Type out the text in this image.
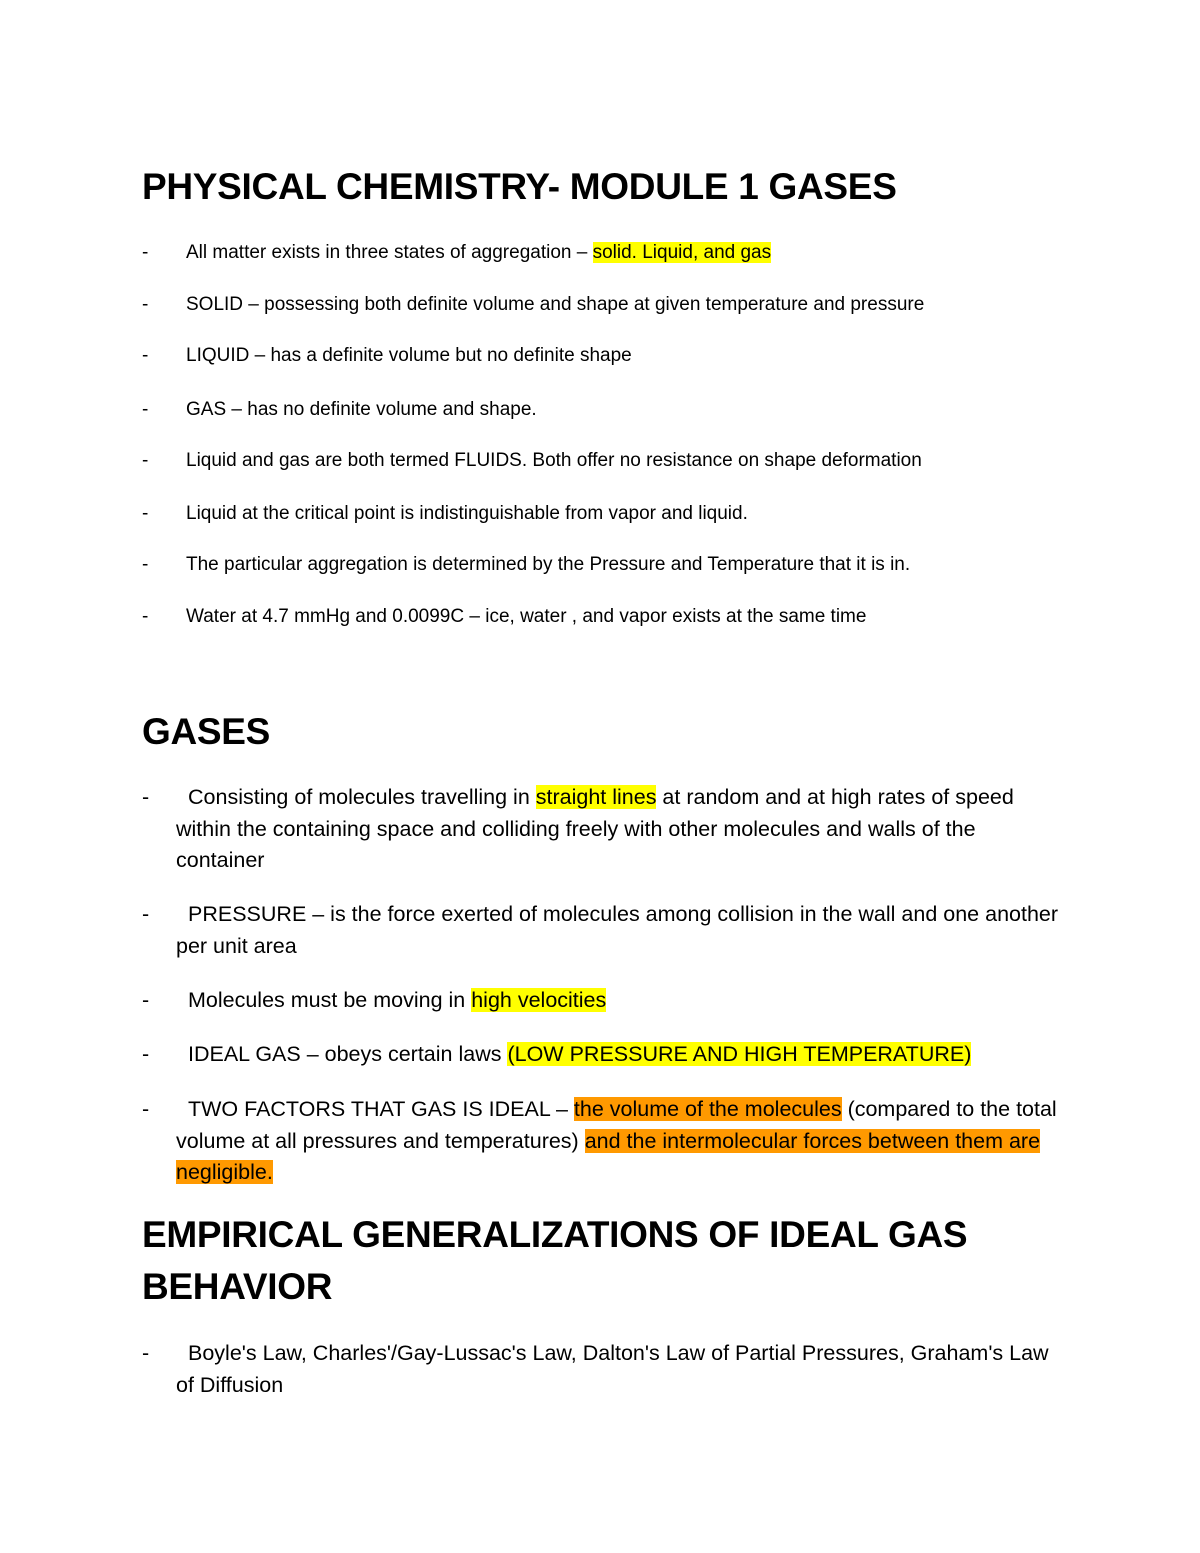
PHYSICAL CHEMISTRY- MODULE 1 GASES
- All matter exists in three states of aggregation – solid. Liquid, and gas
- SOLID – possessing both definite volume and shape at given temperature and pressure
- LIQUID – has a definite volume but no definite shape
- GAS – has no definite volume and shape.
- Liquid and gas are both termed FLUIDS. Both offer no resistance on shape deformation
- Liquid at the critical point is indistinguishable from vapor and liquid.
- The particular aggregation is determined by the Pressure and Temperature that it is in.
- Water at 4.7 mmHg and 0.0099C – ice, water , and vapor exists at the same time
GASES
-	Consisting of molecules travelling in straight lines at random and at high rates of speed within the containing space and colliding freely with other molecules and walls of the container
-	PRESSURE – is the force exerted of molecules among collision in the wall and one another per unit area
-	Molecules must be moving in high velocities
-	IDEAL GAS – obeys certain laws (LOW PRESSURE AND HIGH TEMPERATURE)
-	TWO FACTORS THAT GAS IS IDEAL – the volume of the molecules (compared to the total volume at all pressures and temperatures) and the intermolecular forces between them are negligible.
EMPIRICAL GENERALIZATIONS OF IDEAL GAS BEHAVIOR
-	Boyle's Law, Charles'/Gay-Lussac's Law, Dalton's Law of Partial Pressures, Graham's Law of Diffusion
